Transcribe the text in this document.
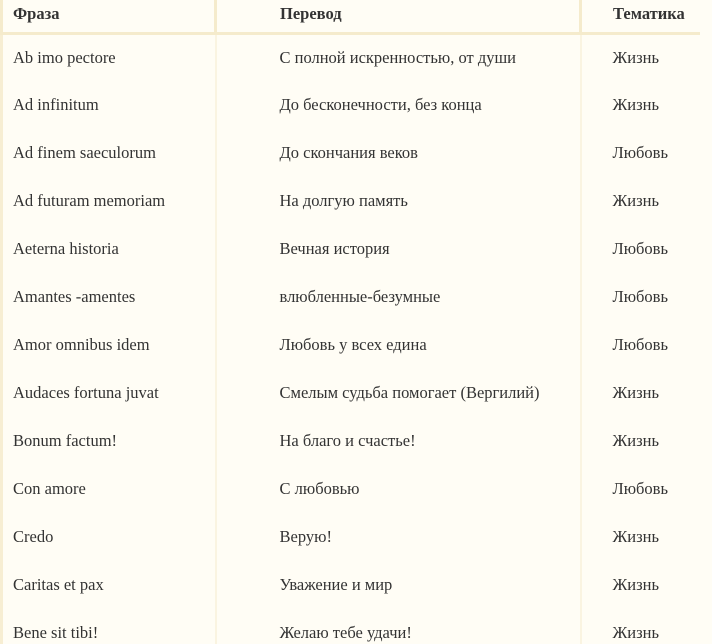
Фраза	Перевод	Тематика
Ab imo pectore	С полной искренностью, от души	Жизнь
Ad infinitum	До бесконечности, без конца	Жизнь
Ad finem saeculorum	До скончания веков	Любовь
Ad futuram memoriam	На долгую память	Жизнь
Aeterna historia	Вечная история	Любовь
Amantes -amentes	влюбленные-безумные	Любовь
Amor omnibus idem	Любовь у всех едина	Любовь
Audaces fortuna juvat	Смелым судьба помогает (Вергилий)	Жизнь
Bonum factum!	На благо и счастье!	Жизнь
Con amore	С любовью	Любовь
Credo	Верую!	Жизнь
Caritas et pax	Уважение и мир	Жизнь
Bene sit tibi!	Желаю тебе удачи!	Жизнь
